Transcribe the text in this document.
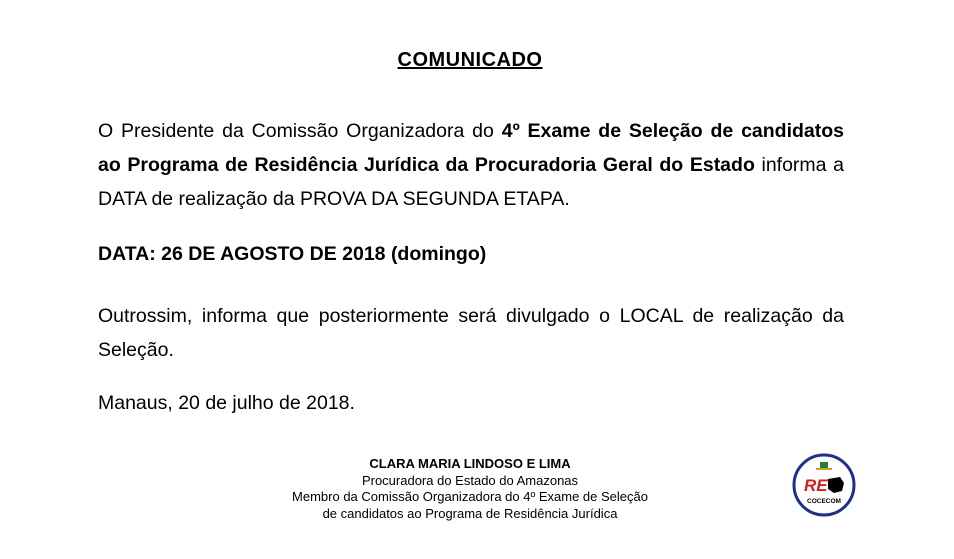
COMUNICADO
O Presidente da Comissão Organizadora do 4º Exame de Seleção de candidatos ao Programa de Residência Jurídica da Procuradoria Geral do Estado informa a DATA de realização da PROVA DA SEGUNDA ETAPA.
DATA: 26 DE AGOSTO DE 2018 (domingo)
Outrossim, informa que posteriormente será divulgado o LOCAL de realização da Seleção.
Manaus, 20 de julho de 2018.
CLARA MARIA LINDOSO E LIMA
Procuradora do Estado do Amazonas
Membro da Comissão Organizadora do 4º Exame de Seleção
de candidatos ao Programa de Residência Jurídica
RE
COCECOM
